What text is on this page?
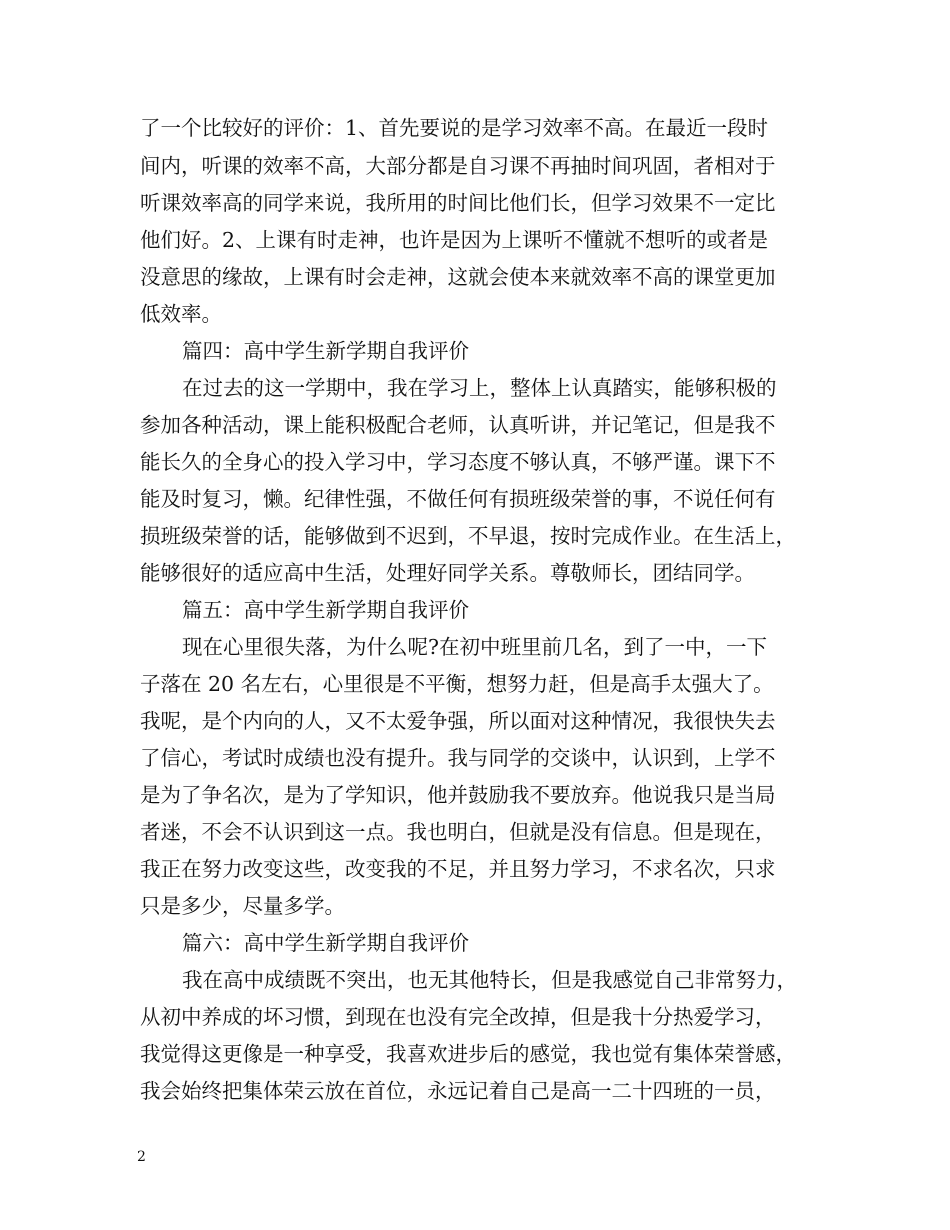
了一个比较好的评价：1、首先要说的是学习效率不高。在最近一段时
间内，听课的效率不高，大部分都是自习课不再抽时间巩固，者相对于
听课效率高的同学来说，我所用的时间比他们长，但学习效果不一定比
他们好。2、上课有时走神，也许是因为上课听不懂就不想听的或者是
没意思的缘故，上课有时会走神，这就会使本来就效率不高的课堂更加
低效率。
篇四：高中学生新学期自我评价
在过去的这一学期中，我在学习上，整体上认真踏实，能够积极的
参加各种活动，课上能积极配合老师，认真听讲，并记笔记，但是我不
能长久的全身心的投入学习中，学习态度不够认真，不够严谨。课下不
能及时复习，懒。纪律性强，不做任何有损班级荣誉的事，不说任何有
损班级荣誉的话，能够做到不迟到，不早退，按时完成作业。在生活上，
能够很好的适应高中生活，处理好同学关系。尊敬师长，团结同学。
篇五：高中学生新学期自我评价
现在心里很失落，为什么呢?在初中班里前几名，到了一中，一下
子落在 20 名左右，心里很是不平衡，想努力赶，但是高手太强大了。
我呢，是个内向的人，又不太爱争强，所以面对这种情况，我很快失去
了信心，考试时成绩也没有提升。我与同学的交谈中，认识到，上学不
是为了争名次，是为了学知识，他并鼓励我不要放弃。他说我只是当局
者迷，不会不认识到这一点。我也明白，但就是没有信息。但是现在，
我正在努力改变这些，改变我的不足，并且努力学习，不求名次，只求
只是多少，尽量多学。
篇六：高中学生新学期自我评价
我在高中成绩既不突出，也无其他特长，但是我感觉自己非常努力，
从初中养成的坏习惯，到现在也没有完全改掉，但是我十分热爱学习，
我觉得这更像是一种享受，我喜欢进步后的感觉，我也觉有集体荣誉感，
我会始终把集体荣云放在首位，永远记着自己是高一二十四班的一员，
2
